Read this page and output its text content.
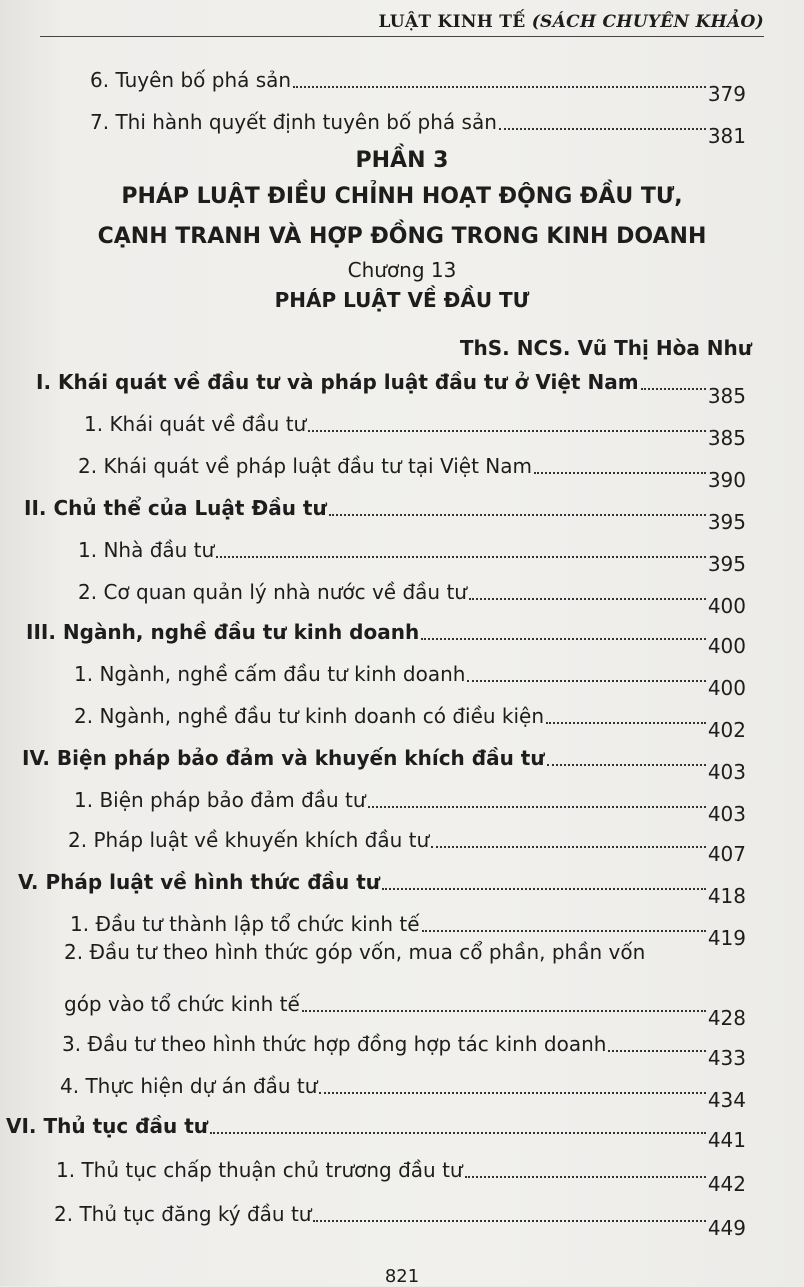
LUẬT KINH TẾ (SÁCH CHUYÊN KHẢO)
6. Tuyên bố phá sản
379
7. Thi hành quyết định tuyên bố phá sản
381
PHẦN 3
PHÁP LUẬT ĐIỀU CHỈNH HOẠT ĐỘNG ĐẦU TƯ,
CẠNH TRANH VÀ HỢP ĐỒNG TRONG KINH DOANH
Chương 13
PHÁP LUẬT VỀ ĐẦU TƯ
ThS. NCS. Vũ Thị Hòa Như
I. Khái quát về đầu tư và pháp luật đầu tư ở Việt Nam
385
1. Khái quát về đầu tư
385
2. Khái quát về pháp luật đầu tư tại Việt Nam
390
II. Chủ thể của Luật Đầu tư
395
1. Nhà đầu tư
395
2. Cơ quan quản lý nhà nước về đầu tư
400
III. Ngành, nghề đầu tư kinh doanh
400
1. Ngành, nghề cấm đầu tư kinh doanh
400
2. Ngành, nghề đầu tư kinh doanh có điều kiện
402
IV. Biện pháp bảo đảm và khuyến khích đầu tư
403
1. Biện pháp bảo đảm đầu tư
403
2. Pháp luật về khuyến khích đầu tư
407
V. Pháp luật về hình thức đầu tư
418
1. Đầu tư thành lập tổ chức kinh tế
419
2. Đầu tư theo hình thức góp vốn, mua cổ phần, phần vốn
góp vào tổ chức kinh tế
428
3. Đầu tư theo hình thức hợp đồng hợp tác kinh doanh
433
4. Thực hiện dự án đầu tư
434
VI. Thủ tục đầu tư
441
1. Thủ tục chấp thuận chủ trương đầu tư
442
2. Thủ tục đăng ký đầu tư
449
821
